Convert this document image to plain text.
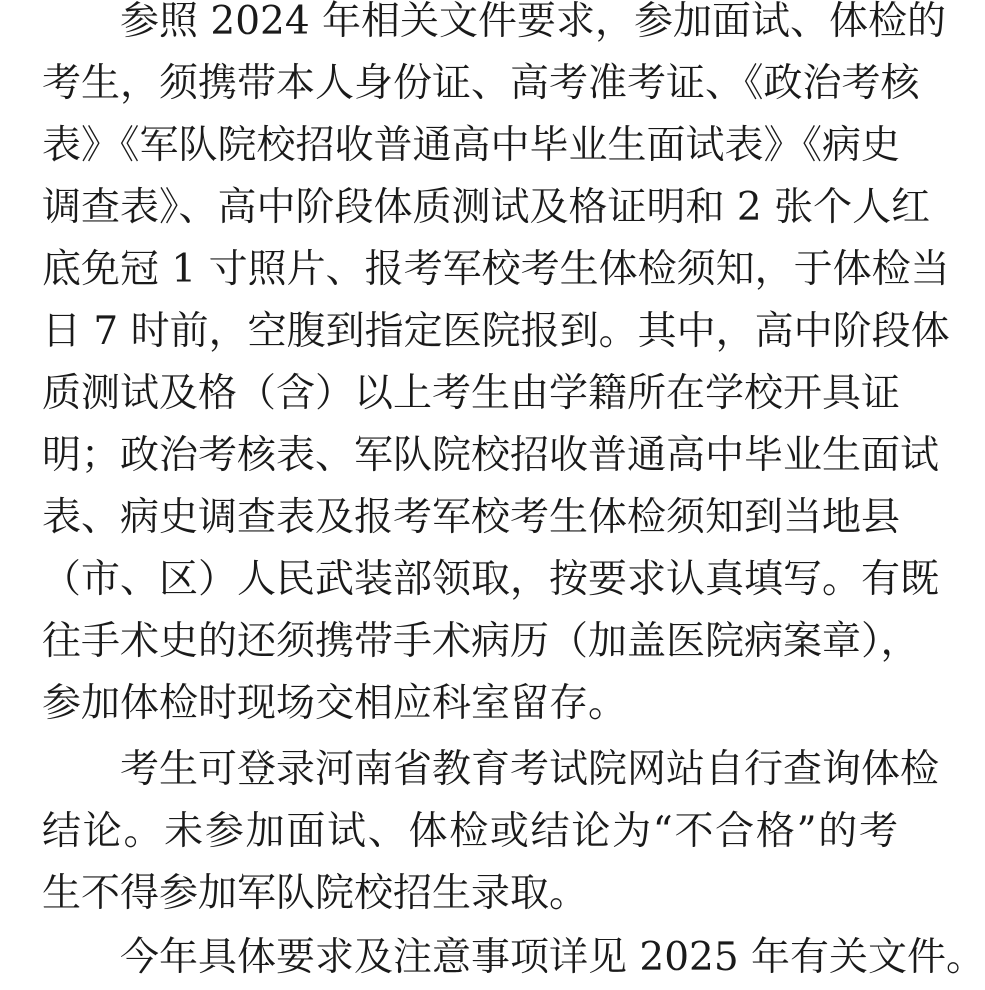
参照 2024 年相关文件要求，参加面试、体检的
考生，须携带本人身份证、高考准考证、《政治考核
表》《军队院校招收普通高中毕业生面试表》《病史
调查表》、高中阶段体质测试及格证明和 2 张个人红
底免冠 1 寸照片、报考军校考生体检须知，于体检当
日 7 时前，空腹到指定医院报到。其中，高中阶段体
质测试及格（含）以上考生由学籍所在学校开具证
明；政治考核表、军队院校招收普通高中毕业生面试
表、病史调查表及报考军校考生体检须知到当地县
（市、区）人民武装部领取，按要求认真填写。有既
往手术史的还须携带手术病历（加盖医院病案章），
参加体检时现场交相应科室留存。
考生可登录河南省教育考试院网站自行查询体检
结论。未参加面试、体检或结论为“不合格”的考
生不得参加军队院校招生录取。
今年具体要求及注意事项详见 2025 年有关文件。
